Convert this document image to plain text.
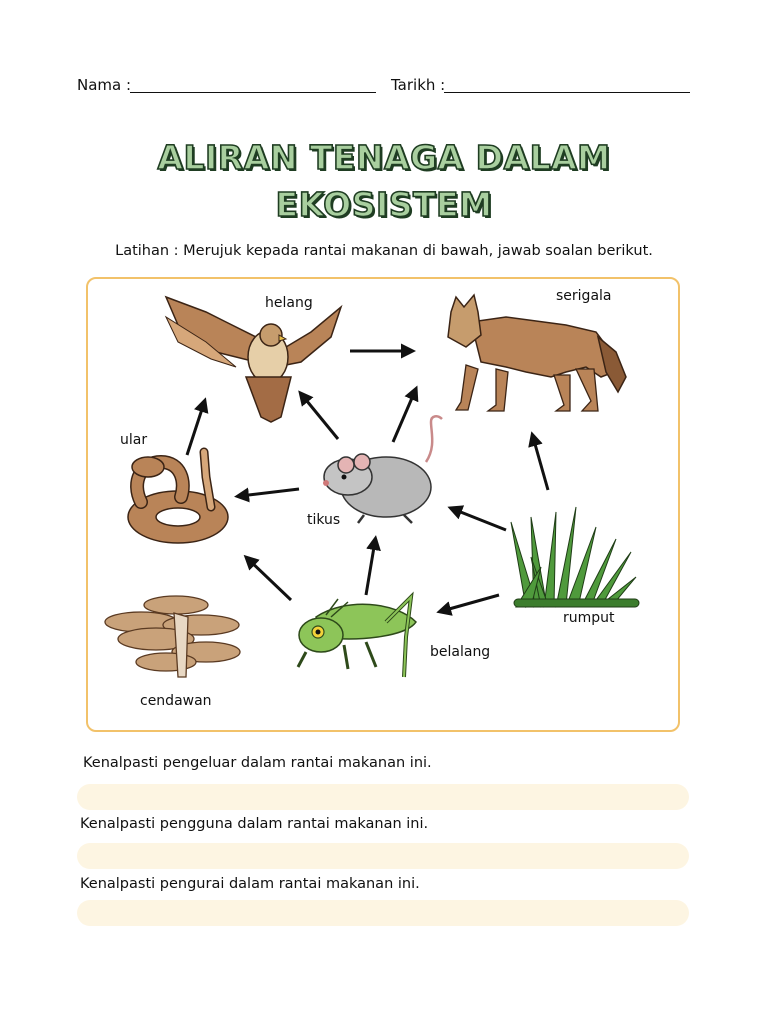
Nama :	Tarikh :
ALIRAN TENAGA DALAM
EKOSISTEM
Latihan : Merujuk kepada rantai makanan di bawah, jawab soalan berikut.
helang	serigala
ular
tikus
rumput
belalang
cendawan
Kenalpasti pengeluar dalam rantai makanan ini.
Kenalpasti pengguna dalam rantai makanan ini.
Kenalpasti pengurai dalam rantai makanan ini.
